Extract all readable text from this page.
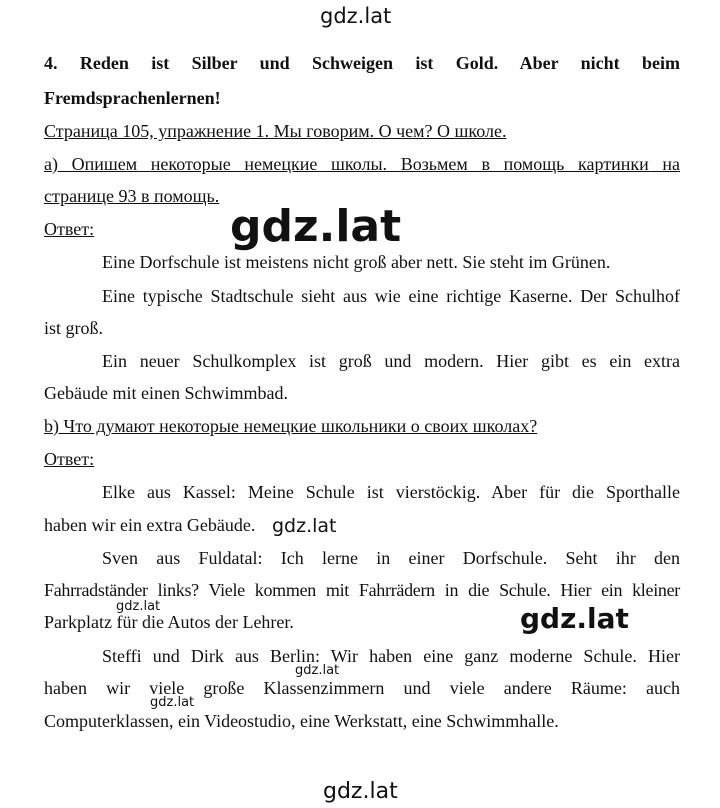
4. Reden ist Silber und Schweigen ist Gold. Aber nicht beim
Fremdsprachenlernen!
Страница 105, упражнение 1. Мы говорим. О чем? О школе.
а) Опишем некоторые немецкие школы. Возьмем в помощь картинки на
странице 93 в помощь.
Ответ:
Eine Dorfschule ist meistens nicht groß aber nett. Sie steht im Grünen.
Eine typische Stadtschule sieht aus wie eine richtige Kaserne. Der Schulhof
ist groß.
Ein neuer Schulkomplex ist groß und modern. Hier gibt es ein extra
Gebäude mit einen Schwimmbad.
b) Что думают некоторые немецкие школьники о своих школах?
Ответ:
Elke aus Kassel: Meine Schule ist vierstöckig. Aber für die Sporthalle
haben wir ein extra Gebäude.
Sven aus Fuldatal: Ich lerne in einer Dorfschule. Seht ihr den
Fahrradständer links? Viele kommen mit Fahrrädern in die Schule. Hier ein kleiner
Parkplatz für die Autos der Lehrer.
Steffi und Dirk aus Berlin: Wir haben eine ganz moderne Schule. Hier
haben wir viele große Klassenzimmern und viele andere Räume: auch
Computerklassen, ein Videostudio, eine Werkstatt, eine Schwimmhalle.
gdz.lat
gdz.lat
gdz.lat
gdz.lat	gdz.lat
gdz.lat
gdz.lat
gdz.lat
